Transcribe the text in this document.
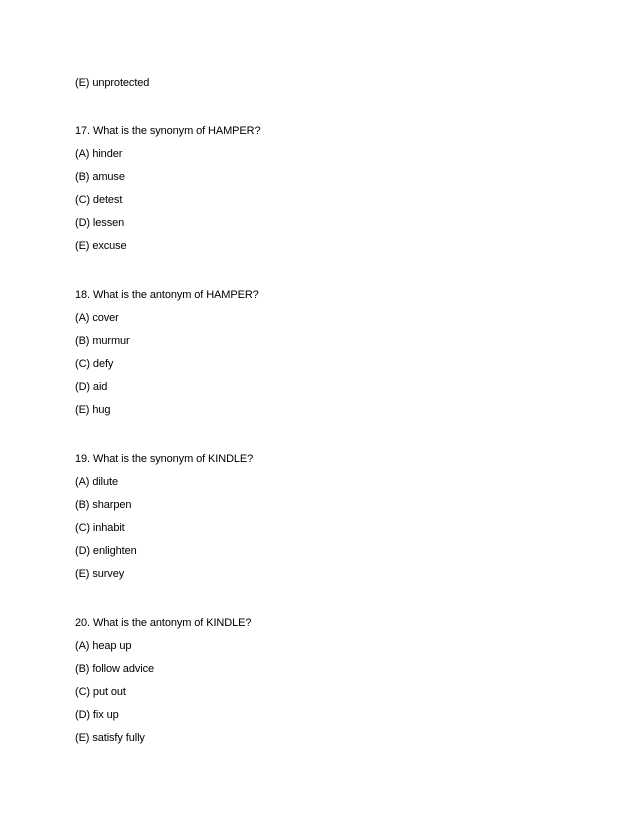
(E) unprotected
17. What is the synonym of HAMPER?
(A) hinder
(B) amuse
(C) detest
(D) lessen
(E) excuse
18. What is the antonym of HAMPER?
(A) cover
(B) murmur
(C) defy
(D) aid
(E) hug
19. What is the synonym of KINDLE?
(A) dilute
(B) sharpen
(C) inhabit
(D) enlighten
(E) survey
20. What is the antonym of KINDLE?
(A) heap up
(B) follow advice
(C) put out
(D) fix up
(E) satisfy fully
